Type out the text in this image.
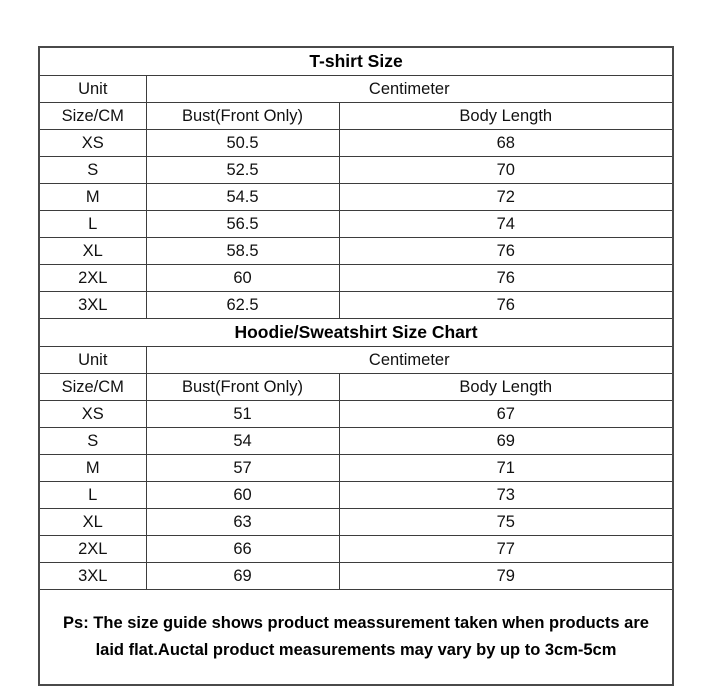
T-shirt Size		
Unit	Centimeter	
Size/CM	Bust(Front Only)	Body Length
XS	50.5	68
S	52.5	70
M	54.5	72
L	56.5	74
XL	58.5	76
2XL	60	76
3XL	62.5	76
Hoodie/Sweatshirt Size Chart		
Unit	Centimeter	
Size/CM	Bust(Front Only)	Body Length
XS	51	67
S	54	69
M	57	71
L	60	73
XL	63	75
2XL	66	77
3XL	69	79

Ps: The size guide shows product meassurement taken when products are
laid flat.Auctal product measurements may vary by up to 3cm-5cm		
